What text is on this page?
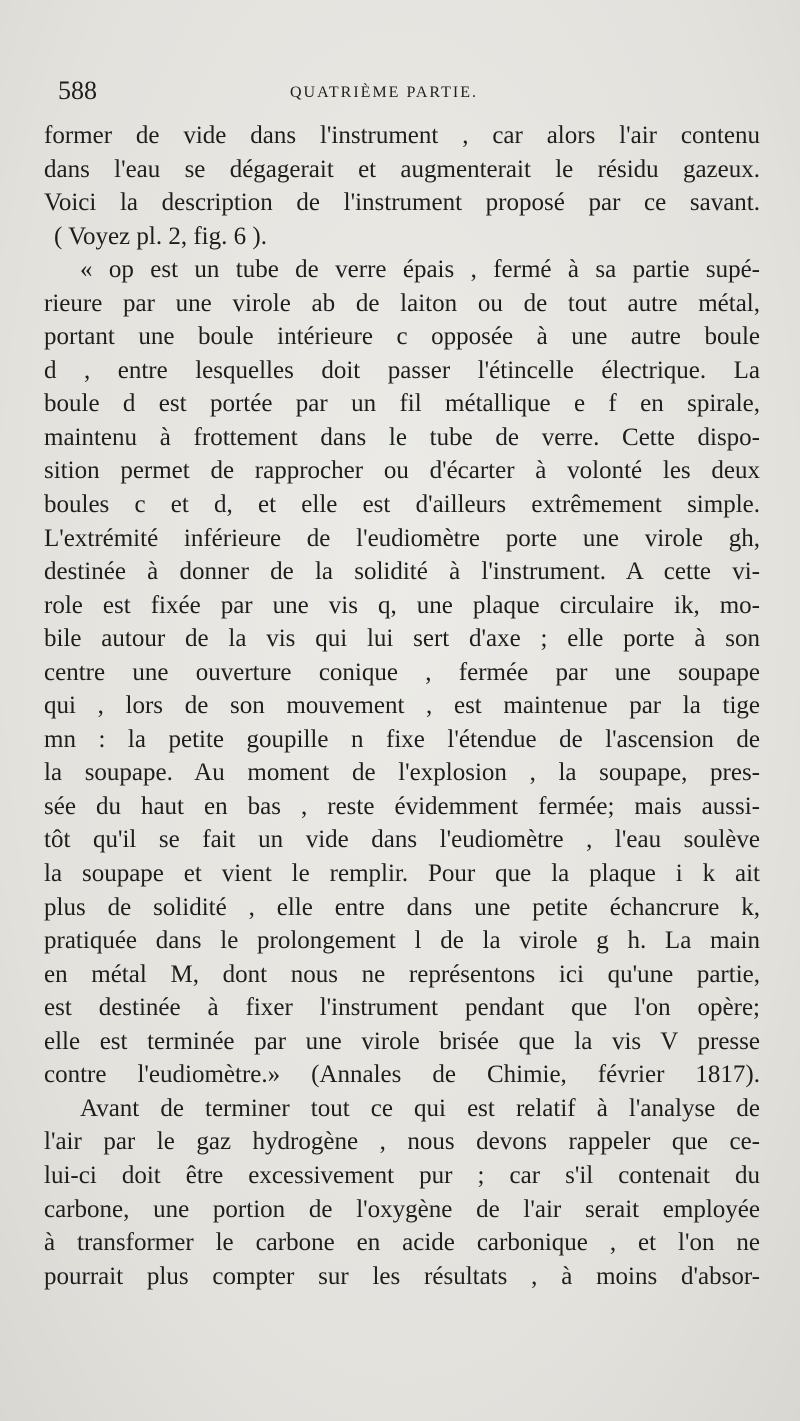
588	QUATRIÈME PARTIE.
former de vide dans l'instrument , car alors l'air contenu
dans l'eau se dégagerait et augmenterait le résidu gazeux.
Voici la description de l'instrument proposé par ce savant.
( Voyez pl. 2, fig. 6 ).
« op est un tube de verre épais , fermé à sa partie supé-
rieure par une virole ab de laiton ou de tout autre métal,
portant une boule intérieure c opposée à une autre boule
d , entre lesquelles doit passer l'étincelle électrique. La
boule d est portée par un fil métallique e f en spirale,
maintenu à frottement dans le tube de verre. Cette dispo-
sition permet de rapprocher ou d'écarter à volonté les deux
boules c et d, et elle est d'ailleurs extrêmement simple.
L'extrémité inférieure de l'eudiomètre porte une virole gh,
destinée à donner de la solidité à l'instrument. A cette vi-
role est fixée par une vis q, une plaque circulaire ik, mo-
bile autour de la vis qui lui sert d'axe ; elle porte à son
centre une ouverture conique , fermée par une soupape
qui , lors de son mouvement , est maintenue par la tige
mn : la petite goupille n fixe l'étendue de l'ascension de
la soupape. Au moment de l'explosion , la soupape, pres-
sée du haut en bas , reste évidemment fermée; mais aussi-
tôt qu'il se fait un vide dans l'eudiomètre , l'eau soulève
la soupape et vient le remplir. Pour que la plaque i k ait
plus de solidité , elle entre dans une petite échancrure k,
pratiquée dans le prolongement l de la virole g h. La main
en métal M, dont nous ne représentons ici qu'une partie,
est destinée à fixer l'instrument pendant que l'on opère;
elle est terminée par une virole brisée que la vis V presse
contre l'eudiomètre.» (Annales de Chimie, février 1817).
Avant de terminer tout ce qui est relatif à l'analyse de
l'air par le gaz hydrogène , nous devons rappeler que ce-
lui-ci doit être excessivement pur ; car s'il contenait du
carbone, une portion de l'oxygène de l'air serait employée
à transformer le carbone en acide carbonique , et l'on ne
pourrait plus compter sur les résultats , à moins d'absor-
